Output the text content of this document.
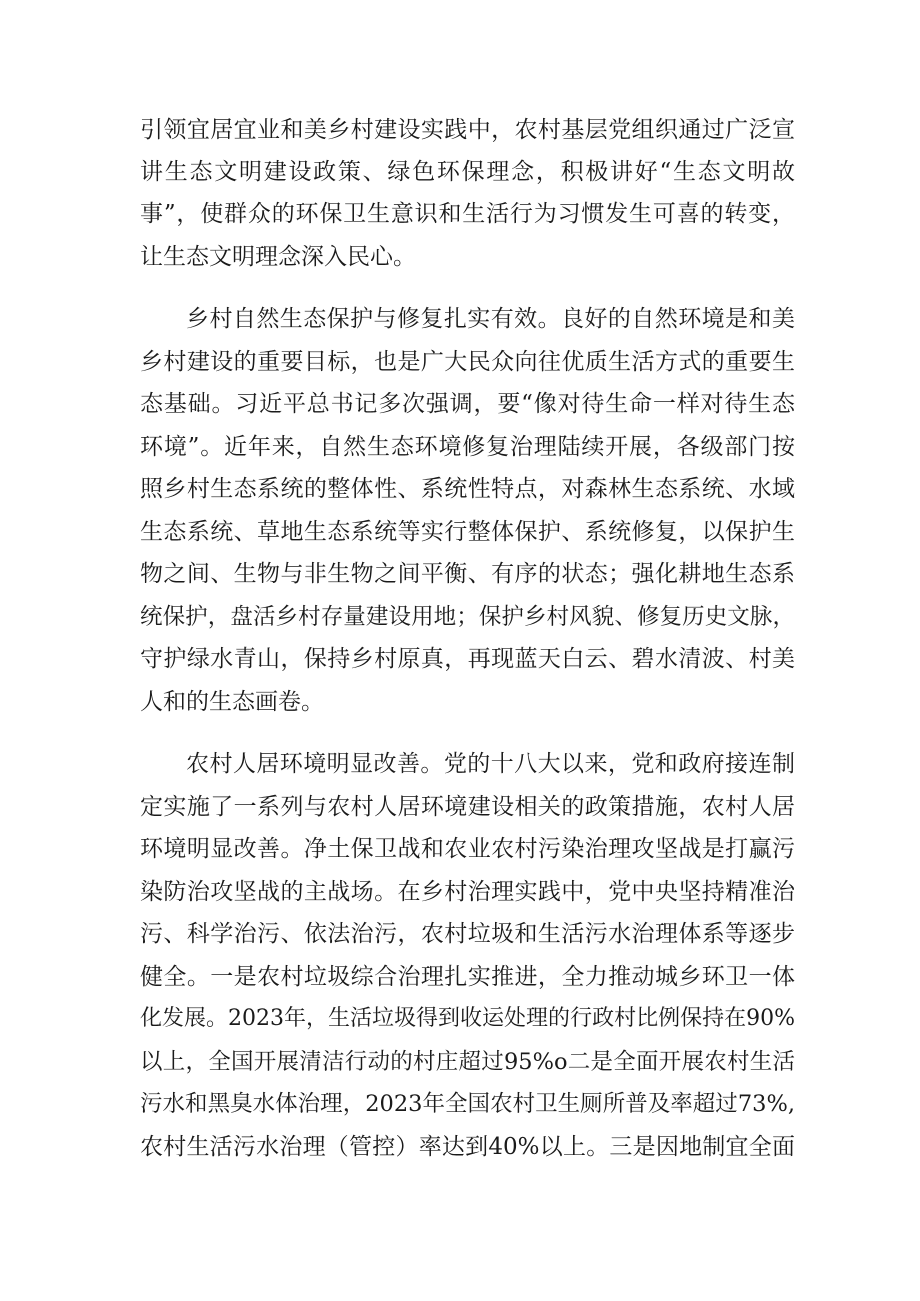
引领宜居宜业和美乡村建设实践中，农村基层党组织通过广泛宣
讲生态文明建设政策、绿色环保理念，积极讲好“生态文明故
事”，使群众的环保卫生意识和生活行为习惯发生可喜的转变，
让生态文明理念深入民心。
乡村自然生态保护与修复扎实有效。良好的自然环境是和美
乡村建设的重要目标，也是广大民众向往优质生活方式的重要生
态基础。习近平总书记多次强调，要“像对待生命一样对待生态
环境”。近年来，自然生态环境修复治理陆续开展，各级部门按
照乡村生态系统的整体性、系统性特点，对森林生态系统、水域
生态系统、草地生态系统等实行整体保护、系统修复，以保护生
物之间、生物与非生物之间平衡、有序的状态；强化耕地生态系
统保护，盘活乡村存量建设用地；保护乡村风貌、修复历史文脉，
守护绿水青山，保持乡村原真，再现蓝天白云、碧水清波、村美
人和的生态画卷。
农村人居环境明显改善。党的十八大以来，党和政府接连制
定实施了一系列与农村人居环境建设相关的政策措施，农村人居
环境明显改善。净土保卫战和农业农村污染治理攻坚战是打赢污
染防治攻坚战的主战场。在乡村治理实践中，党中央坚持精准治
污、科学治污、依法治污，农村垃圾和生活污水治理体系等逐步
健全。一是农村垃圾综合治理扎实推进，全力推动城乡环卫一体
化发展。2023年，生活垃圾得到收运处理的行政村比例保持在90%
以上，全国开展清洁行动的村庄超过95%o二是全面开展农村生活
污水和黑臭水体治理，2023年全国农村卫生厕所普及率超过73%,
农村生活污水治理（管控）率达到40%以上。三是因地制宜全面
